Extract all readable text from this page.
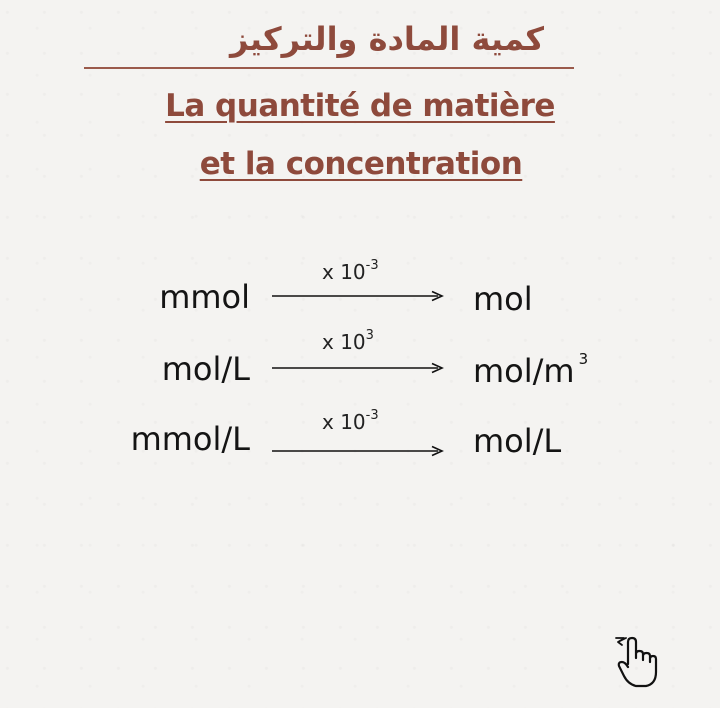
كمية المادة والتركيز
La quantité de matière
et la concentration
mmol
x $10^{-3}$
mol
mol/L
x $10^3$
mol/m $^3$
mmol/L	x $10^{-3}$
mol/L
